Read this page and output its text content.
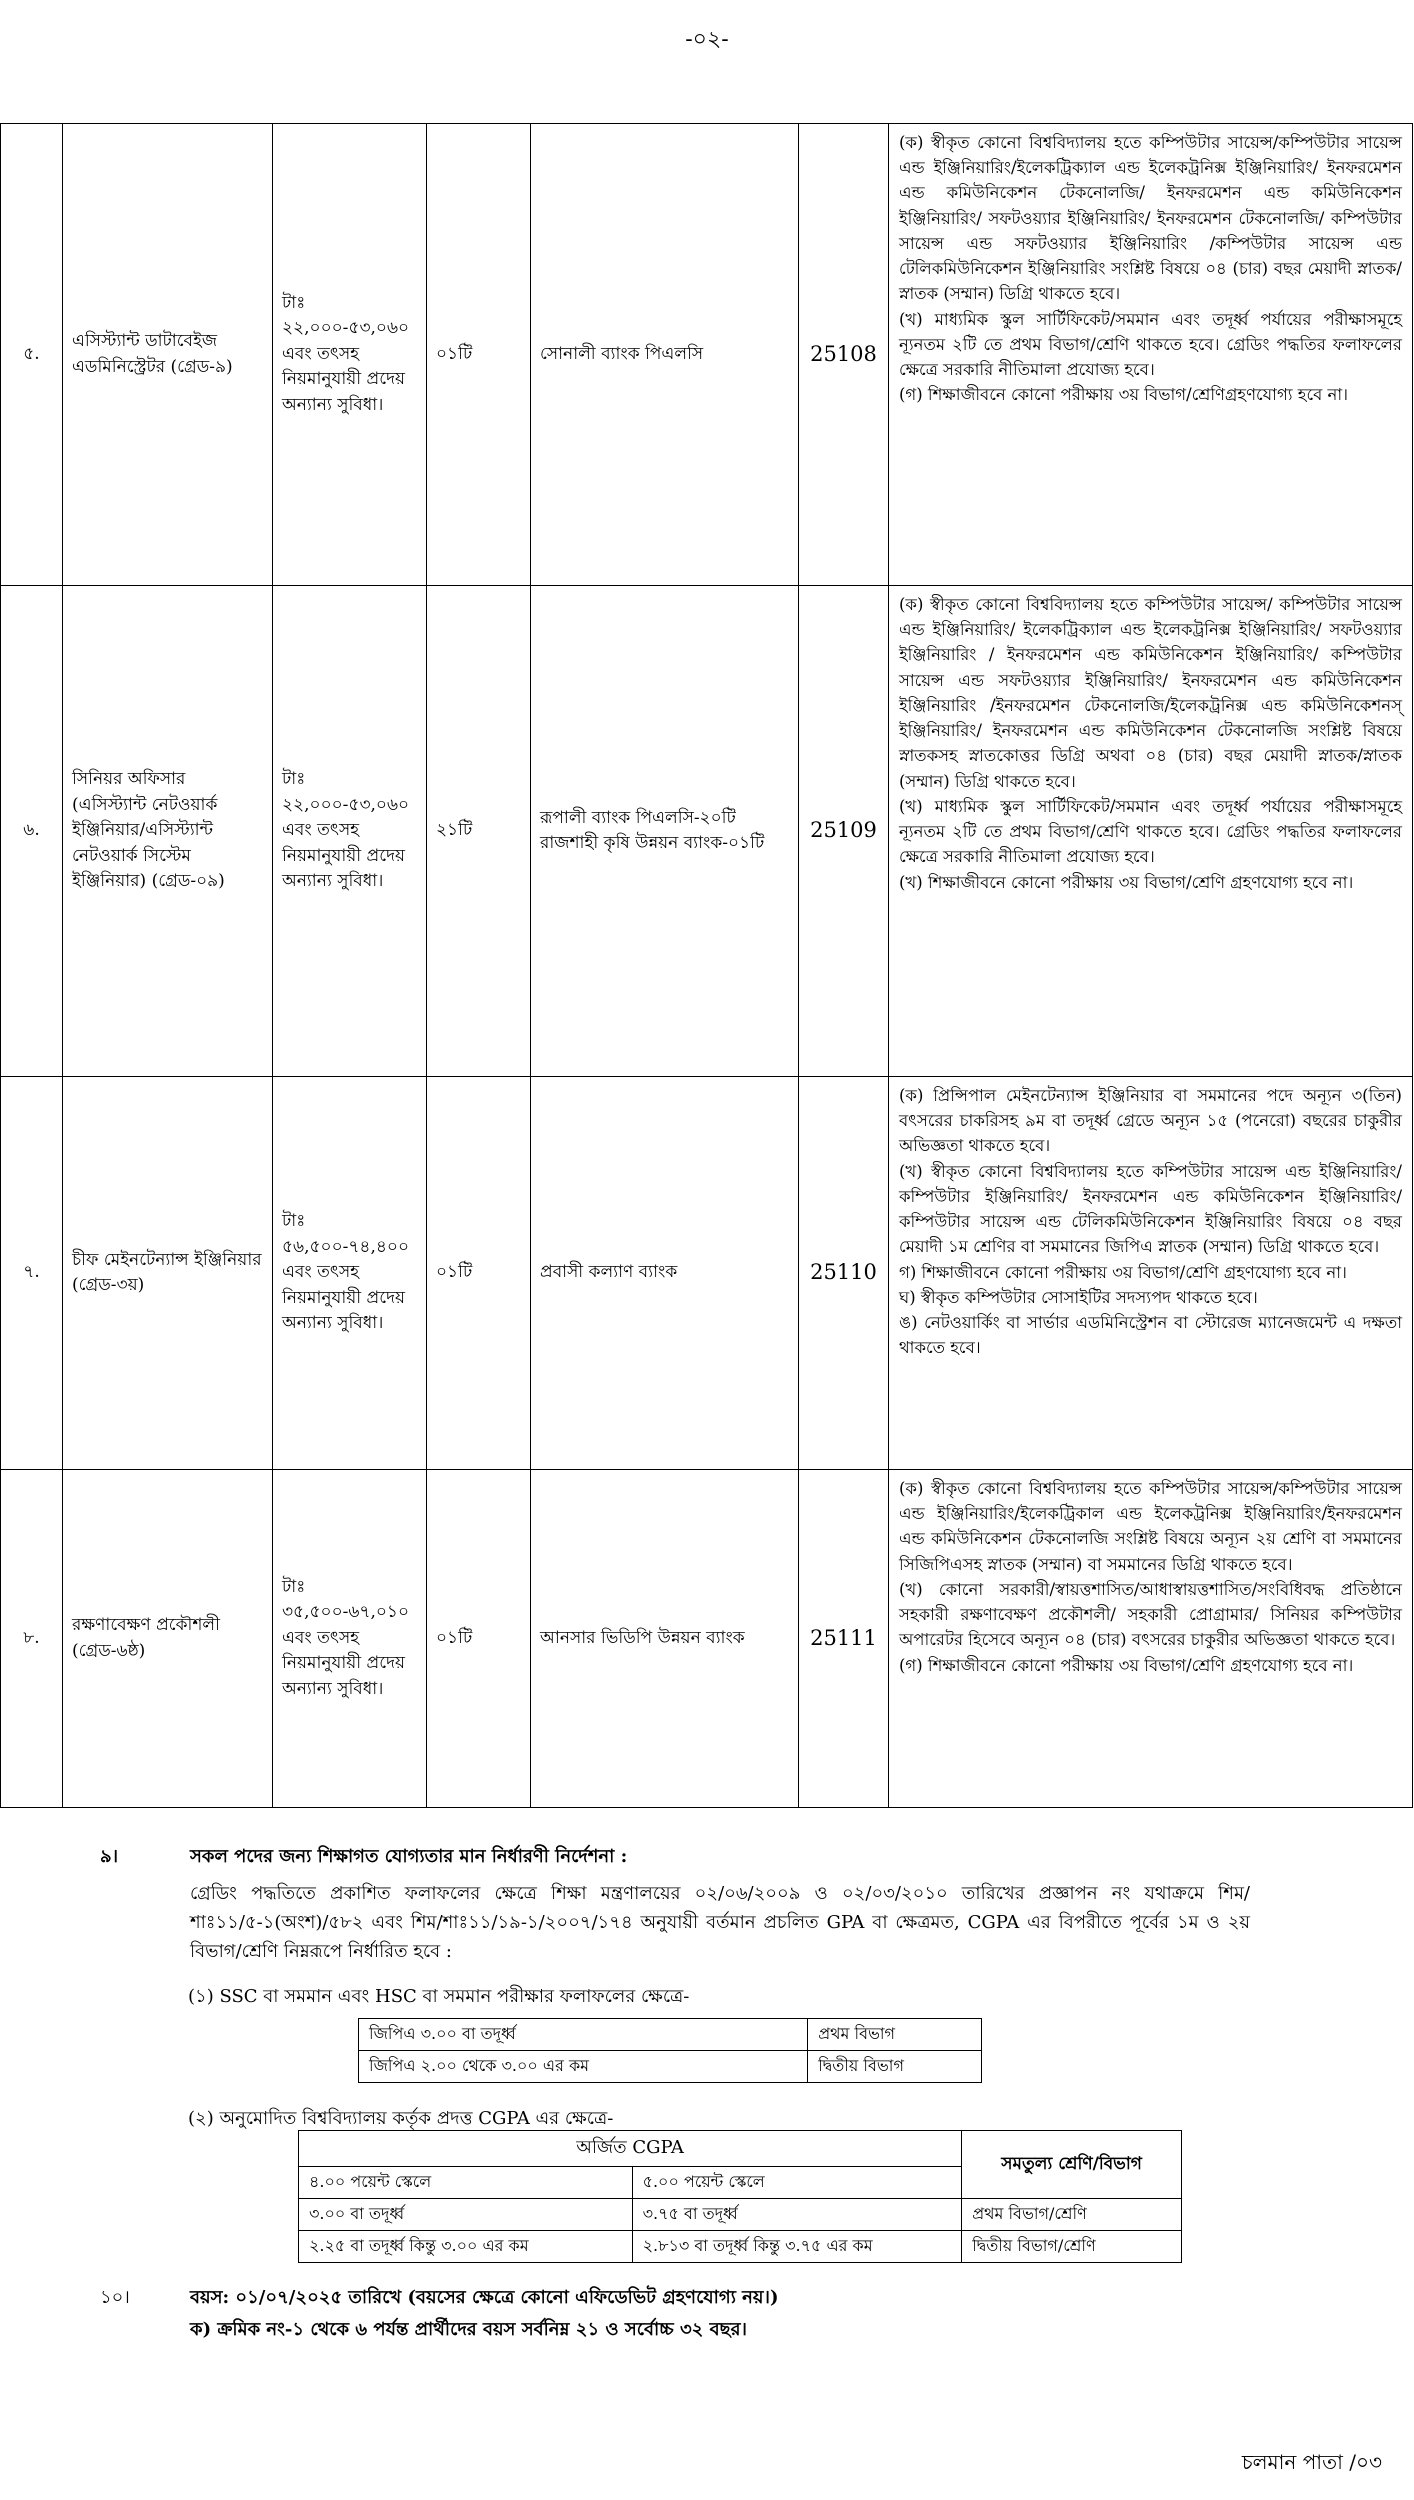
-০২-
৫.	এসিস্ট্যান্ট ডাটাবেইজ এডমিনিস্ট্রেটর (গ্রেড-৯)	টাঃ ২২,০০০-৫৩,০৬০ এবং তৎসহ নিয়মানুযায়ী প্রদেয় অন্যান্য সুবিধা।	০১টি	সোনালী ব্যাংক পিএলসি	25108	(ক) স্বীকৃত কোনো বিশ্ববিদ্যালয় হতে কম্পিউটার সায়েন্স/কম্পিউটার সায়েন্স এন্ড ইঞ্জিনিয়ারিং/ইলেকট্রিক্যাল এন্ড ইলেকট্রনিক্স ইঞ্জিনিয়ারিং/ ইনফরমেশন এন্ড কমিউনিকেশন টেকনোলজি/ ইনফরমেশন এন্ড কমিউনিকেশন ইঞ্জিনিয়ারিং/ সফটওয়্যার ইঞ্জিনিয়ারিং/ ইনফরমেশন টেকনোলজি/ কম্পিউটার সায়েন্স এন্ড সফটওয়্যার ইঞ্জিনিয়ারিং /কম্পিউটার সায়েন্স এন্ড টেলিকমিউনিকেশন ইঞ্জিনিয়ারিং সংশ্লিষ্ট বিষয়ে ০৪ (চার) বছর মেয়াদী স্নাতক/স্নাতক (সম্মান) ডিগ্রি থাকতে হবে।

(খ) মাধ্যমিক স্কুল সার্টিফিকেট/সমমান এবং তদূর্ধ্ব পর্যায়ের পরীক্ষাসমূহে ন্যূনতম ২টি তে প্রথম বিভাগ/শ্রেণি থাকতে হবে। গ্রেডিং পদ্ধতির ফলাফলের ক্ষেত্রে সরকারি নীতিমালা প্রযোজ্য হবে।

(গ) শিক্ষাজীবনে কোনো পরীক্ষায় ৩য় বিভাগ/শ্রেণিগ্রহণযোগ্য হবে না।

৬.	সিনিয়র অফিসার (এসিস্ট্যান্ট নেটওয়ার্ক ইঞ্জিনিয়ার/এসিস্ট্যান্ট নেটওয়ার্ক সিস্টেম ইঞ্জিনিয়ার) (গ্রেড-০৯)	টাঃ ২২,০০০-৫৩,০৬০ এবং তৎসহ নিয়মানুযায়ী প্রদেয় অন্যান্য সুবিধা।	২১টি	রূপালী ব্যাংক পিএলসি-২০টি রাজশাহী কৃষি উন্নয়ন ব্যাংক-০১টি	25109	(ক) স্বীকৃত কোনো বিশ্ববিদ্যালয় হতে কম্পিউটার সায়েন্স/ কম্পিউটার সায়েন্স এন্ড ইঞ্জিনিয়ারিং/ ইলেকট্রিক্যাল এন্ড ইলেকট্রনিক্স ইঞ্জিনিয়ারিং/ সফটওয়্যার ইঞ্জিনিয়ারিং / ইনফরমেশন এন্ড কমিউনিকেশন ইঞ্জিনিয়ারিং/ কম্পিউটার সায়েন্স এন্ড সফটওয়্যার ইঞ্জিনিয়ারিং/ ইনফরমেশন এন্ড কমিউনিকেশন ইঞ্জিনিয়ারিং /ইনফরমেশন টেকনোলজি/ইলেকট্রনিক্স এন্ড কমিউনিকেশনস্ ইঞ্জিনিয়ারিং/ ইনফরমেশন এন্ড কমিউনিকেশন টেকনোলজি সংশ্লিষ্ট বিষয়ে স্নাতকসহ স্নাতকোত্তর ডিগ্রি অথবা ০৪ (চার) বছর মেয়াদী স্নাতক/স্নাতক (সম্মান) ডিগ্রি থাকতে হবে।

(খ) মাধ্যমিক স্কুল সার্টিফিকেট/সমমান এবং তদূর্ধ্ব পর্যায়ের পরীক্ষাসমূহে ন্যূনতম ২টি তে প্রথম বিভাগ/শ্রেণি থাকতে হবে। গ্রেডিং পদ্ধতির ফলাফলের ক্ষেত্রে সরকারি নীতিমালা প্রযোজ্য হবে।

(খ) শিক্ষাজীবনে কোনো পরীক্ষায় ৩য় বিভাগ/শ্রেণি গ্রহণযোগ্য হবে না।

৭.	চীফ মেইনটেন্যান্স ইঞ্জিনিয়ার (গ্রেড-৩য়)	টাঃ ৫৬,৫০০-৭৪,৪০০ এবং তৎসহ নিয়মানুযায়ী প্রদেয় অন্যান্য সুবিধা।	০১টি	প্রবাসী কল্যাণ ব্যাংক	25110	(ক) প্রিন্সিপাল মেইনটেন্যান্স ইঞ্জিনিয়ার বা সমমানের পদে অন্যূন ৩(তিন) বৎসরের চাকরিসহ ৯ম বা তদূর্ধ্ব গ্রেডে অন্যূন ১৫ (পনেরো) বছরের চাকুরীর অভিজ্ঞতা থাকতে হবে।

(খ) স্বীকৃত কোনো বিশ্ববিদ্যালয় হতে কম্পিউটার সায়েন্স এন্ড ইঞ্জিনিয়ারিং/ কম্পিউটার ইঞ্জিনিয়ারিং/ ইনফরমেশন এন্ড কমিউনিকেশন ইঞ্জিনিয়ারিং/ কম্পিউটার সায়েন্স এন্ড টেলিকমিউনিকেশন ইঞ্জিনিয়ারিং বিষয়ে ০৪ বছর মেয়াদী ১ম শ্রেণির বা সমমানের জিপিএ স্নাতক (সম্মান) ডিগ্রি থাকতে হবে।

গ) শিক্ষাজীবনে কোনো পরীক্ষায় ৩য় বিভাগ/শ্রেণি গ্রহণযোগ্য হবে না।

ঘ) স্বীকৃত কম্পিউটার সোসাইটির সদস্যপদ থাকতে হবে।

ঙ) নেটওয়ার্কিং বা সার্ভার এডমিনিস্ট্রেশন বা স্টোরেজ ম্যানেজমেন্ট এ দক্ষতা থাকতে হবে।

৮.	রক্ষণাবেক্ষণ প্রকৌশলী (গ্রেড-৬ষ্ঠ)	টাঃ ৩৫,৫০০-৬৭,০১০ এবং তৎসহ নিয়মানুযায়ী প্রদেয় অন্যান্য সুবিধা।	০১টি	আনসার ভিডিপি উন্নয়ন ব্যাংক	25111	(ক) স্বীকৃত কোনো বিশ্ববিদ্যালয় হতে কম্পিউটার সায়েন্স/কম্পিউটার সায়েন্স এন্ড ইঞ্জিনিয়ারিং/ইলেকট্রিকাল এন্ড ইলেকট্রনিক্স ইঞ্জিনিয়ারিং/ইনফরমেশন এন্ড কমিউনিকেশন টেকনোলজি সংশ্লিষ্ট বিষয়ে অন্যূন ২য় শ্রেণি বা সমমানের সিজিপিএসহ স্নাতক (সম্মান) বা সমমানের ডিগ্রি থাকতে হবে।

(খ) কোনো সরকারী/স্বায়ত্তশাসিত/আধাস্বায়ত্তশাসিত/সংবিধিবদ্ধ প্রতিষ্ঠানে সহকারী রক্ষণাবেক্ষণ প্রকৌশলী/ সহকারী প্রোগ্রামার/ সিনিয়র কম্পিউটার অপারেটর হিসেবে অন্যূন ০৪ (চার) বৎসরের চাকুরীর অভিজ্ঞতা থাকতে হবে।

(গ) শিক্ষাজীবনে কোনো পরীক্ষায় ৩য় বিভাগ/শ্রেণি গ্রহণযোগ্য হবে না।

৯।	সকল পদের জন্য শিক্ষাগত যোগ্যতার মান নির্ধারণী নির্দেশনা :
গ্রেডিং পদ্ধতিতে প্রকাশিত ফলাফলের ক্ষেত্রে শিক্ষা মন্ত্রণালয়ের ০২/০৬/২০০৯ ও ০২/০৩/২০১০ তারিখের প্রজ্ঞাপন নং যথাক্রমে শিম/শাঃ১১/৫-১(অংশ)/৫৮২ এবং শিম/শাঃ১১/১৯-১/২০০৭/১৭৪ অনুযায়ী বর্তমান প্রচলিত GPA বা ক্ষেত্রমত, CGPA এর বিপরীতে পূর্বের ১ম ও ২য় বিভাগ/শ্রেণি নিম্নরূপে নির্ধারিত হবে :
(১) SSC বা সমমান এবং HSC বা সমমান পরীক্ষার ফলাফলের ক্ষেত্রে-
জিপিএ ৩.০০ বা তদূর্ধ্ব	প্রথম বিভাগ
জিপিএ ২.০০ থেকে ৩.০০ এর কম	দ্বিতীয় বিভাগ
(২) অনুমোদিত বিশ্ববিদ্যালয় কর্তৃক প্রদত্ত CGPA এর ক্ষেত্রে-
অর্জিত CGPA		সমতুল্য শ্রেণি/বিভাগ
৪.০০ পয়েন্ট স্কেলে	৫.০০ পয়েন্ট স্কেলে	
৩.০০ বা তদূর্ধ্ব	৩.৭৫ বা তদূর্ধ্ব	প্রথম বিভাগ/শ্রেণি
২.২৫ বা তদূর্ধ্ব কিন্তু ৩.০০ এর কম	২.৮১৩ বা তদূর্ধ্ব কিন্তু ৩.৭৫ এর কম	দ্বিতীয় বিভাগ/শ্রেণি
১০।	বয়স: ০১/০৭/২০২৫ তারিখে (বয়সের ক্ষেত্রে কোনো এফিডেভিট গ্রহণযোগ্য নয়।)
ক) ক্রমিক নং-১ থেকে ৬ পর্যন্ত প্রার্থীদের বয়স সর্বনিম্ন ২১ ও সর্বোচ্চ ৩২ বছর।
চলমান পাতা /০৩
